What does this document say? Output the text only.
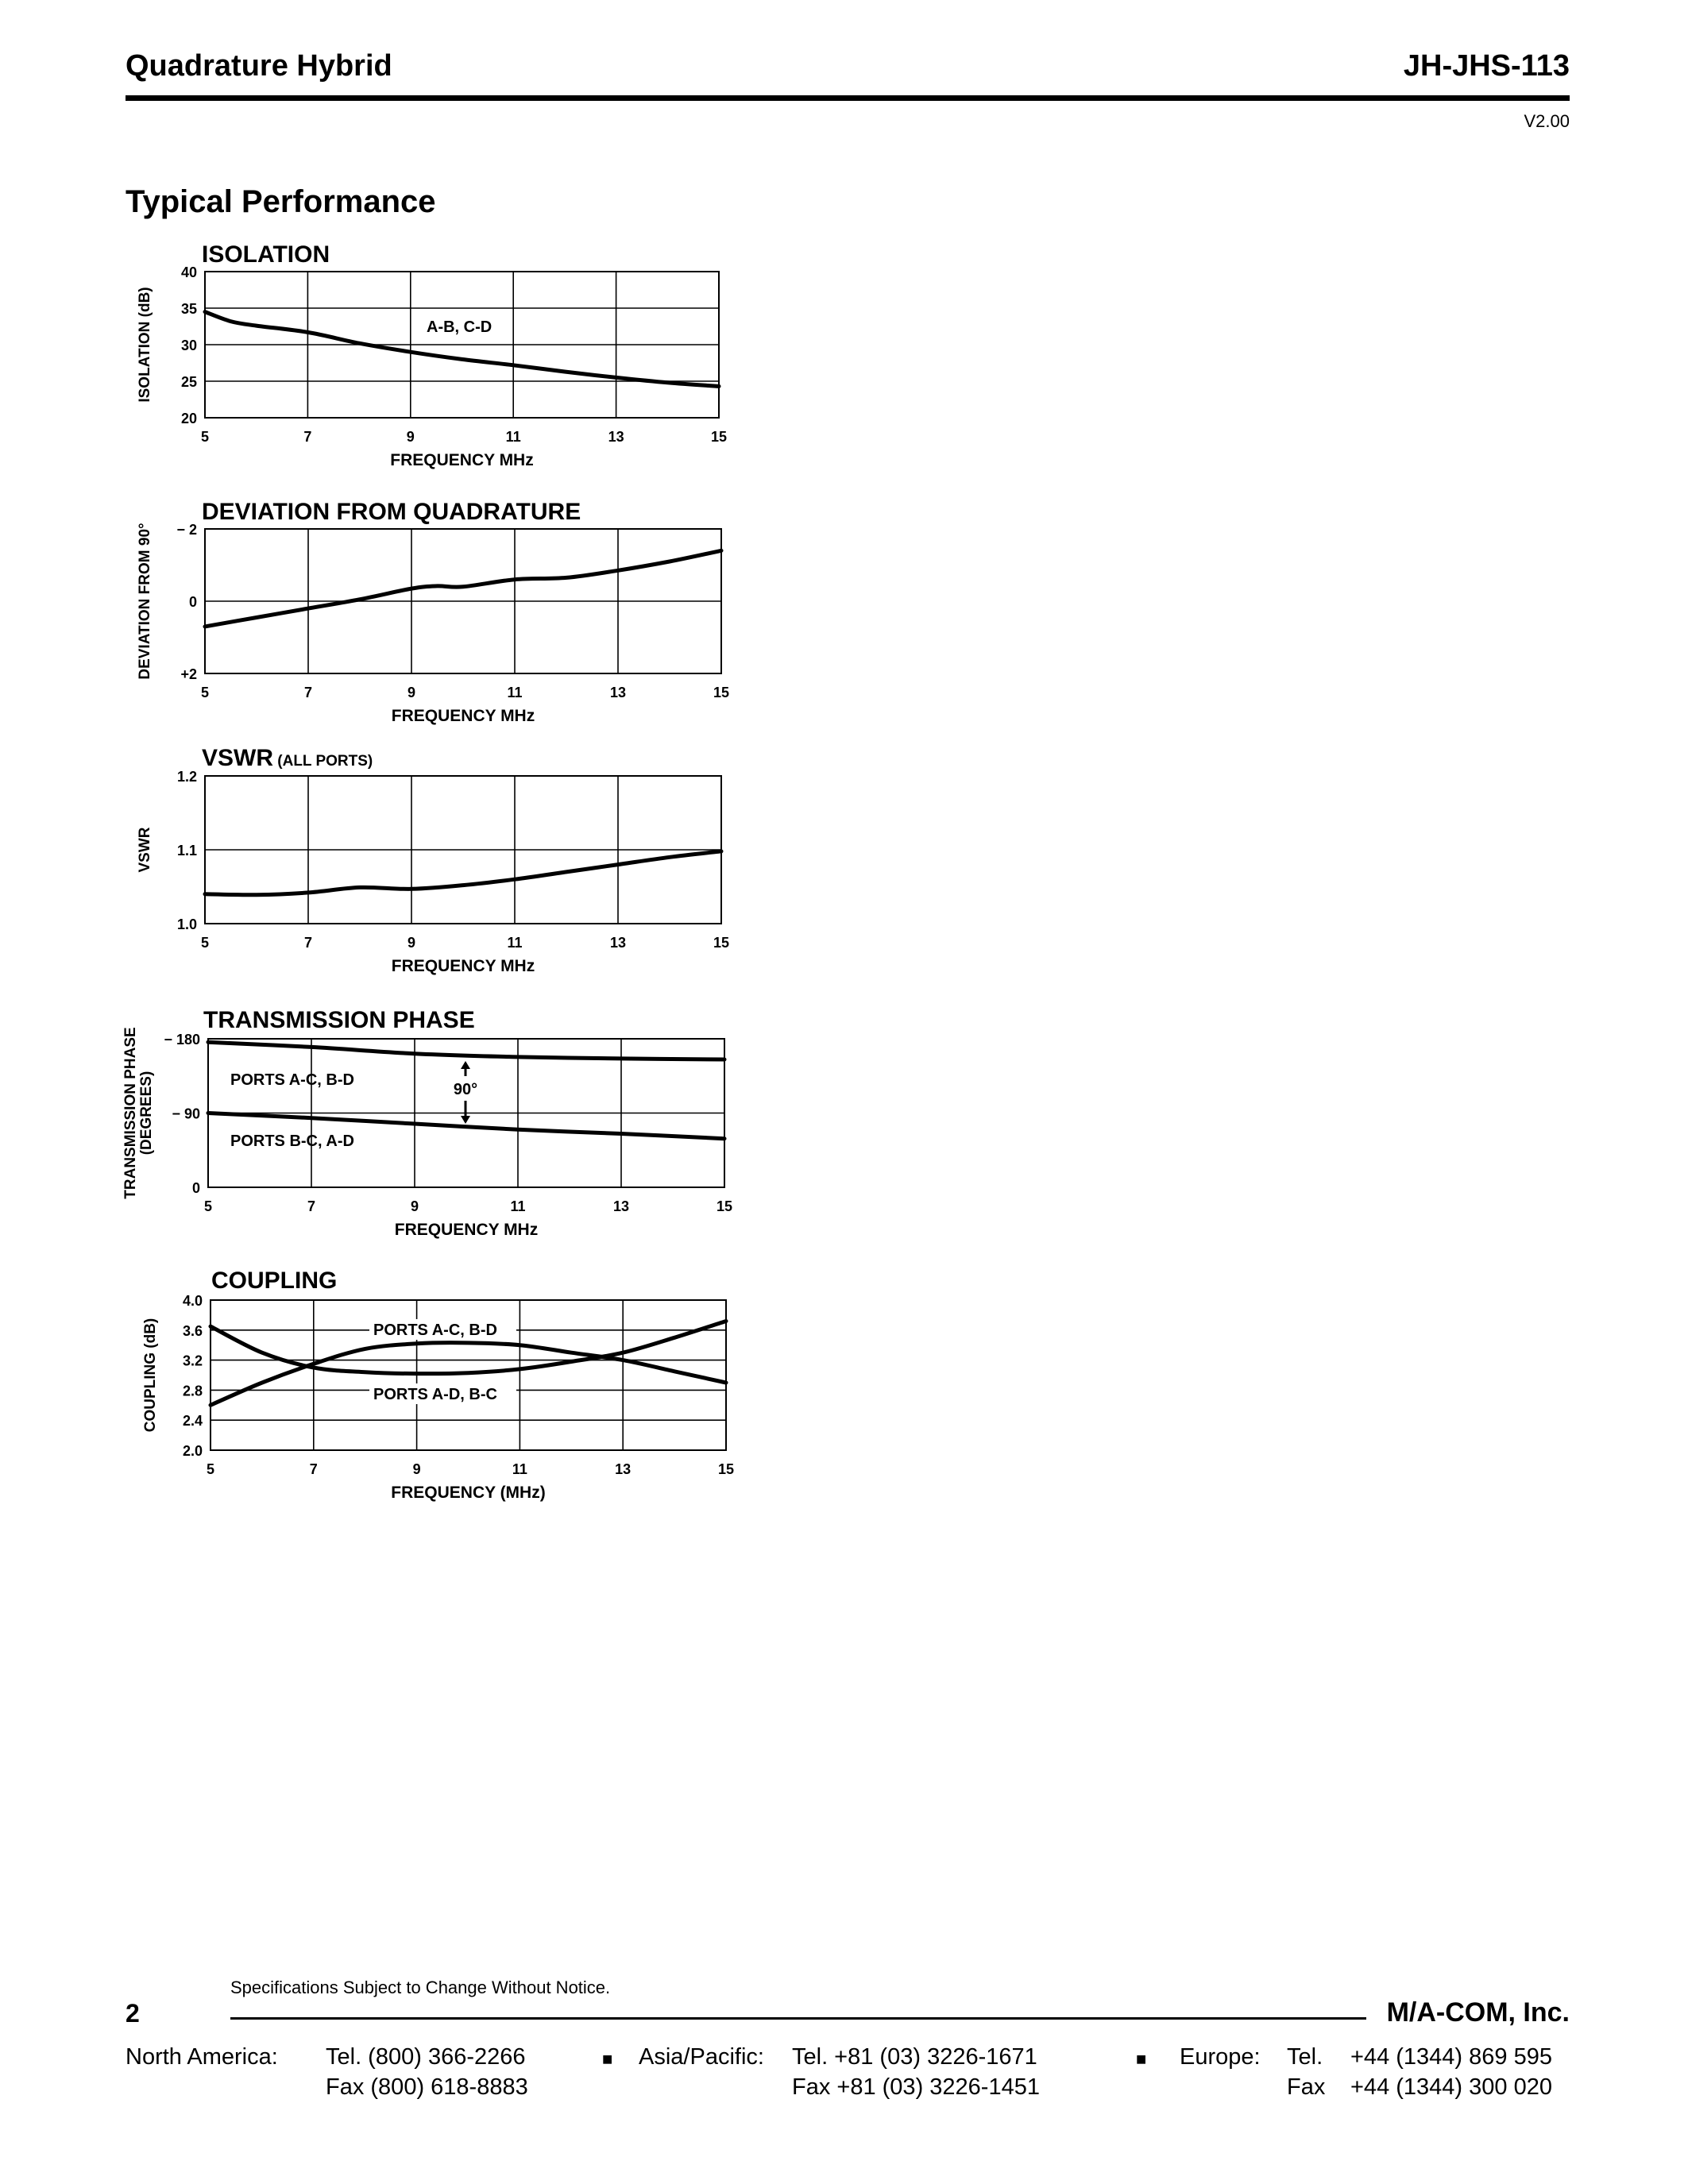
Quadrature Hybrid	JH-JHS-113
V2.00
Typical Performance
ISOLATION
5	7	9	11	13	15
20
25
30
35
40
FREQUENCY MHz
ISOLATION (dB)
DEVIATION FROM QUADRATURE
5	7	9	11	13	15
+2
0
− 2
FREQUENCY MHz
DEVIATION FROM 90°
VSWR (ALL PORTS)
5	7	9	11	13	15
1.0
1.1
1.2
FREQUENCY MHz
VSWR
TRANSMISSION PHASE
5	7	9	11	13	15
0
− 90
− 180
FREQUENCY MHz
TRANSMISSION PHASE (DEGREES)
COUPLING
5	7	9	11	13	15
2.0
2.4
2.8
3.2
3.6
4.0
FREQUENCY (MHz)
COUPLING (dB)
A-B, C-D
PORTS A-C, B-D
PORTS B-C, A-D
90°
PORTS A-C, B-D
PORTS A-D, B-C
Specifications Subject to Change Without Notice.
2	M/A-COM, Inc.
North America: Tel. (800) 366-2266
Fax (800) 618-8883
■ Asia/Pacific: Tel. +81 (03) 3226-1671
Fax +81 (03) 3226-1451
■ Europe: Tel. +44 (1344) 869 595
Fax +44 (1344) 300 020
